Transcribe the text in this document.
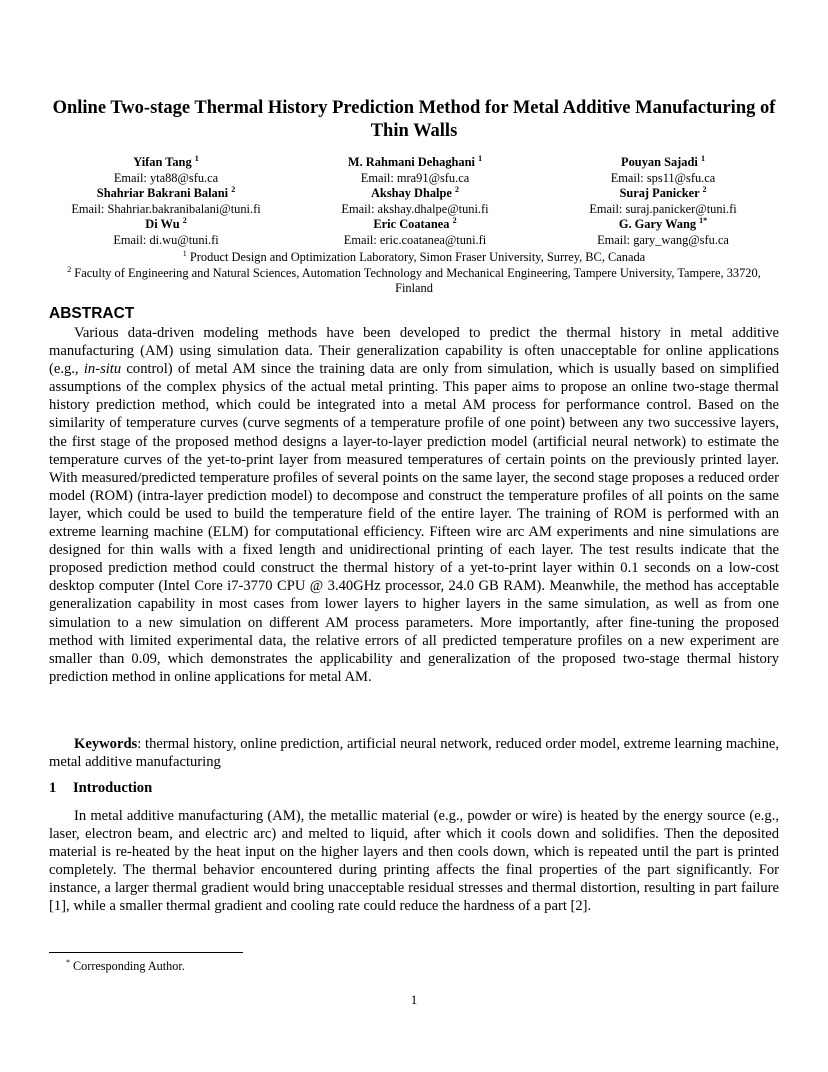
Online Two-stage Thermal History Prediction Method for Metal Additive Manufacturing of Thin Walls
Yifan Tang $^1$
Email: yta88@sfu.ca
Shahriar Bakrani Balani $^2$
Email: Shahriar.bakranibalani@tuni.fi
Di Wu $^2$
Email: di.wu@tuni.fi
M. Rahmani Dehaghani $^1$
Email: mra91@sfu.ca
Akshay Dhalpe $^2$
Email: akshay.dhalpe@tuni.fi
Eric Coatanea $^2$
Email: eric.coatanea@tuni.fi
Pouyan Sajadi $^1$
Email: sps11@sfu.ca
Suraj Panicker $^2$
Email: suraj.panicker@tuni.fi
G. Gary Wang $^{1*}$
Email: gary_wang@sfu.ca
$^1$ Product Design and Optimization Laboratory, Simon Fraser University, Surrey, BC, Canada
$^2$ Faculty of Engineering and Natural Sciences, Automation Technology and Mechanical Engineering, Tampere University, Tampere, 33720, Finland
ABSTRACT

Various data-driven modeling methods have been developed to predict the thermal history in metal additive manufacturing (AM) using simulation data. Their generalization capability is often unacceptable for online applications (e.g., in-situ control) of metal AM since the training data are only from simulation, which is usually based on simplified assumptions of the complex physics of the actual metal printing. This paper aims to propose an online two-stage thermal history prediction method, which could be integrated into a metal AM process for performance control. Based on the similarity of temperature curves (curve segments of a temperature profile of one point) between any two successive layers, the first stage of the proposed method designs a layer-to-layer prediction model (artificial neural network) to estimate the temperature curves of the yet-to-print layer from measured temperatures of certain points on the previously printed layer. With measured/predicted temperature profiles of several points on the same layer, the second stage proposes a reduced order model (ROM) (intra-layer prediction model) to decompose and construct the temperature profiles of all points on the same layer, which could be used to build the temperature field of the entire layer. The training of ROM is performed with an extreme learning machine (ELM) for computational efficiency. Fifteen wire arc AM experiments and nine simulations are designed for thin walls with a fixed length and unidirectional printing of each layer. The test results indicate that the proposed prediction method could construct the thermal history of a yet-to-print layer within 0.1 seconds on a low-cost desktop computer (Intel Core i7-3770 CPU @ 3.40GHz processor, 24.0 GB RAM). Meanwhile, the method has acceptable generalization capability in most cases from lower layers to higher layers in the same simulation, as well as from one simulation to a new simulation on different AM process parameters. More importantly, after fine-tuning the proposed method with limited experimental data, the relative errors of all predicted temperature profiles on a new experiment are smaller than 0.09, which demonstrates the applicability and generalization of the proposed two-stage thermal history prediction method in online applications for metal AM.

Keywords: thermal history, online prediction, artificial neural network, reduced order model, extreme learning machine, metal additive manufacturing

1 Introduction

In metal additive manufacturing (AM), the metallic material (e.g., powder or wire) is heated by the energy source (e.g., laser, electron beam, and electric arc) and melted to liquid, after which it cools down and solidifies. Then the deposited material is re-heated by the heat input on the higher layers and then cools down, which is repeated until the part is printed completely. The thermal behavior encountered during printing affects the final properties of the part significantly. For instance, a larger thermal gradient would bring unacceptable residual stresses and thermal distortion, resulting in part failure [1], while a smaller thermal gradient and cooling rate could reduce the hardness of a part [2].

* Corresponding Author.
1
